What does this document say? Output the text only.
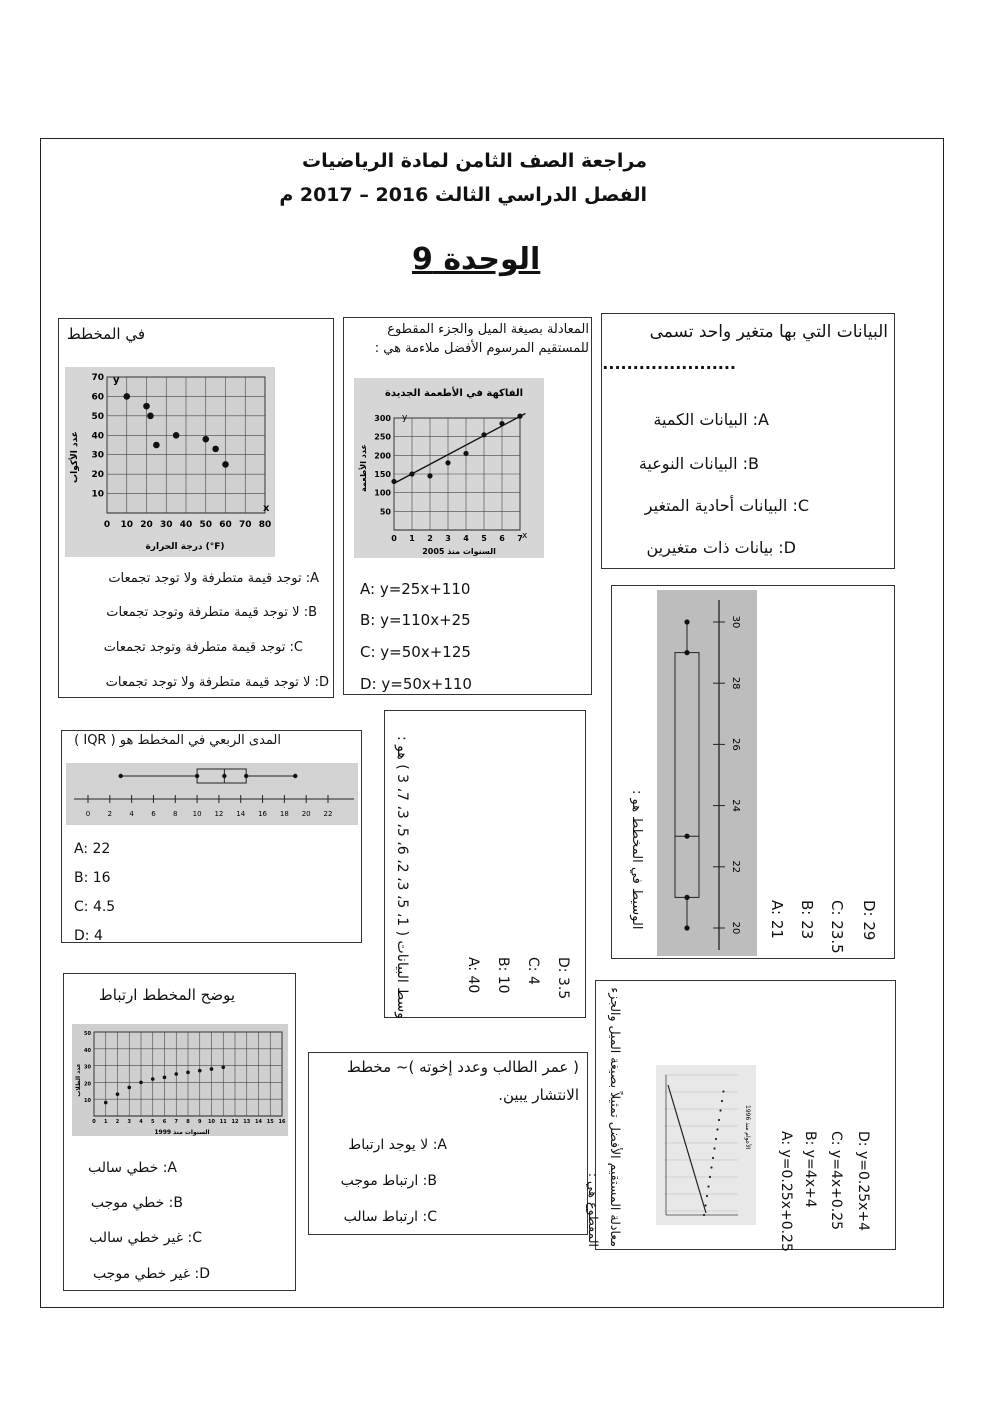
مراجعة الصف الثامن لمادة الرياضيات
الفصل الدراسي الثالث 2016 – 2017 م
الوحدة 9
البيانات التي بها متغير واحد تسمى
......................
A: البيانات الكمية
B: البيانات النوعية
C: البيانات أحادية المتغير
D: بيانات ذات متغيرين
المعادلة بصيغة الميل والجزء المقطوع للمستقيم المرسوم الأفضل ملاءمة هي :
0 1 2 3 4 5 6 7
50
100
150
200
250
300
الفاكهة في الأطعمة الجديدة
السنوات منذ 2005
عدد الأطعمة
y
x
A: y=25x+110
B: y=110x+25
C: y=50x+125
D: y=50x+110
في المخطط
0 10 20 30 40 50 60 70 80
10
20
30
40
50
60
70
درجة الحرارة (°F)
عدد الأكواب
y
x
A: توجد قيمة متطرفة ولا توجد تجمعات
B: لا توجد قيمة متطرفة وتوجد تجمعات
C: توجد قيمة متطرفة وتوجد تجمعات
D: لا توجد قيمة متطرفة ولا توجد تجمعات
20
22
24
26
28
30
الوسيط في المخطط هو :	A: 21 B: 23 C: 23.5 D: 29
وسط البيانات ( 1، 5، 3، 2، 6، 5، 3، 7، 3 ) هو :	A: 40 B: 10 C: 4 D: 3.5
المدى الربعي في المخطط هو ( IQR )
0 2 4 6 8 10 12 14 16 18 20 22
A: 22
B: 16
C: 4.5
D: 4
يوضح المخطط ارتباط
0 1 2 3 4 5 6 7 8 9 10 11 12 13 14 15 16
10
20
30
40
50
السنوات منذ 1999
عدد الطلاب
A: خطي سالب
B: خطي موجب
C: غير خطي سالب
D: غير خطي موجب
( عمر الطالب وعدد إخوته )~ مخطط الانتشار يبين.
A: لا يوجد ارتباط
B: ارتباط موجب
C: ارتباط سالب	معادلة المستقيم الأفضل تمثيلاً بصيغة الميل والجزء المقطوع هي :
الأعوام منذ 1996 A: y=0.25x+0.25 B: y=4x+4 C: y=4x+0.25 D: y=0.25x+4
